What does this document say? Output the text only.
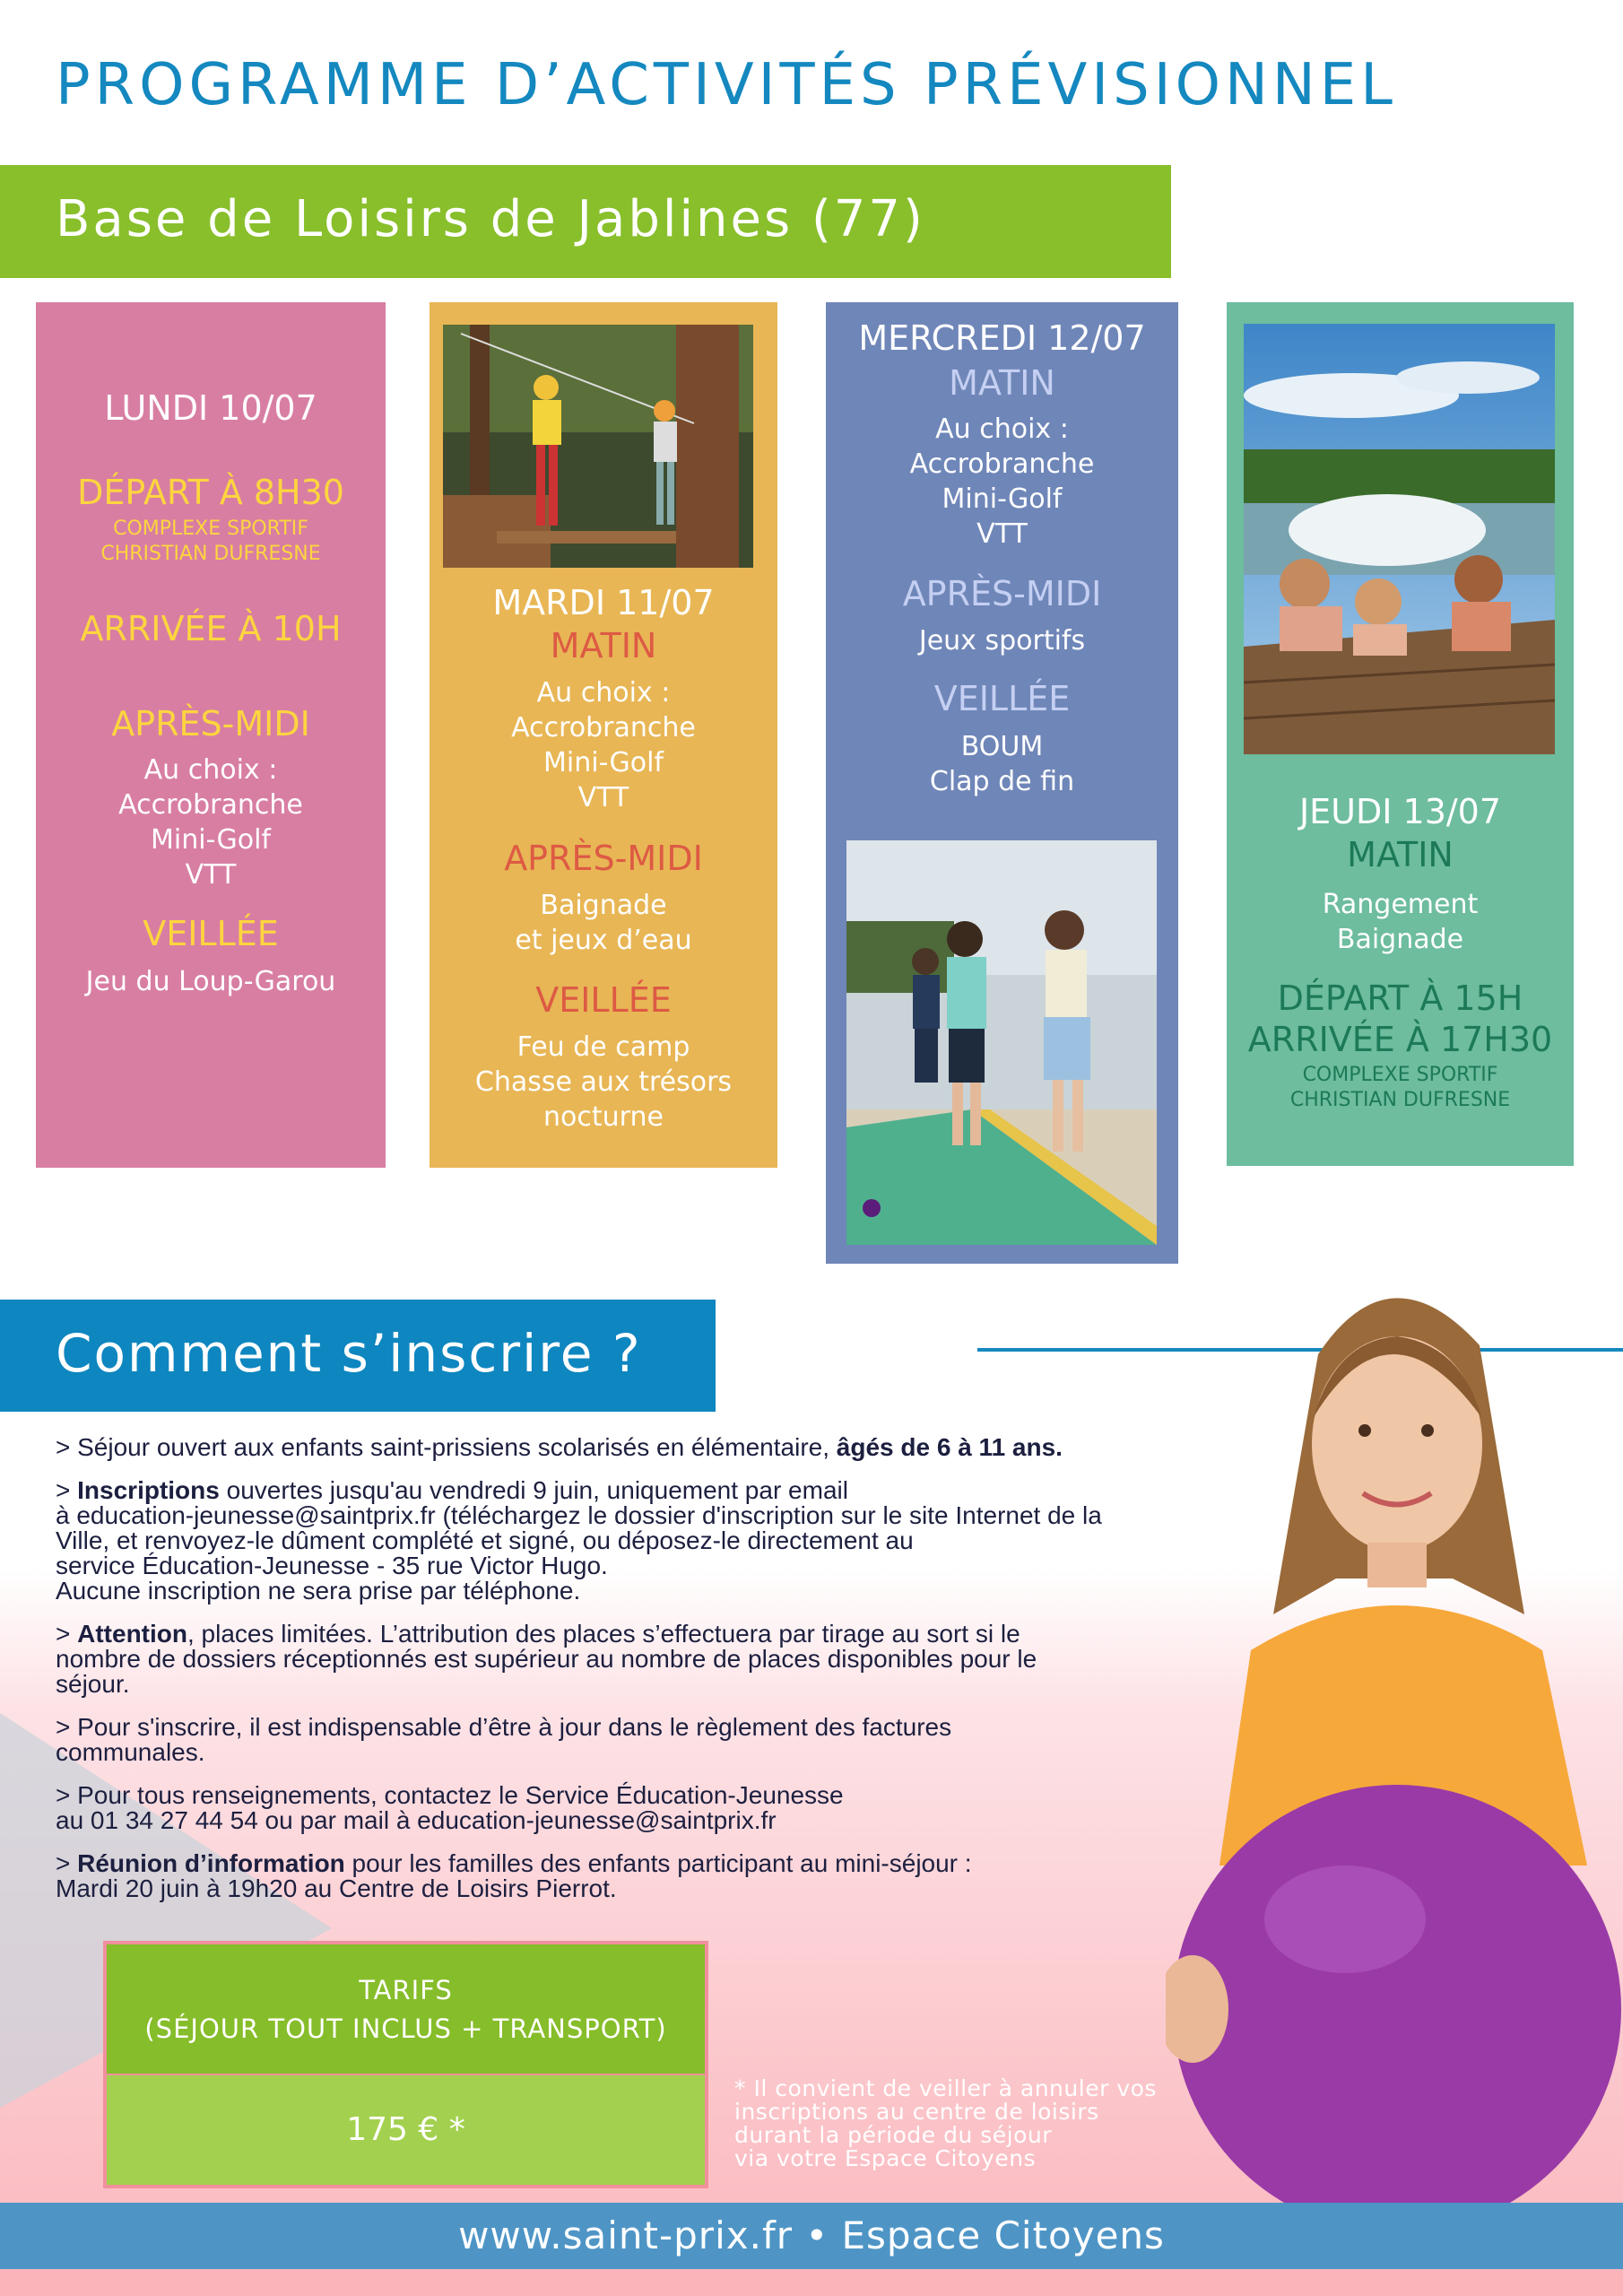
PROGRAMME D’ACTIVITÉS PRÉVISIONNEL
Base de Loisirs de Jablines (77)
LUNDI 10/07
DÉPART À 8H30
COMPLEXE SPORTIF
CHRISTIAN DUFRESNE
ARRIVÉE À 10H
APRÈS-MIDI
Au choix :
Accrobranche
Mini-Golf
VTT
VEILLÉE
Jeu du Loup-Garou
MARDI 11/07
MATIN
Au choix :
Accrobranche
Mini-Golf
VTT
APRÈS-MIDI
Baignade
et jeux d’eau
VEILLÉE
Feu de camp
Chasse aux trésors
nocturne
MERCREDI 12/07
MATIN
Au choix :
Accrobranche
Mini-Golf
VTT
APRÈS-MIDI
Jeux sportifs
VEILLÉE
BOUM
Clap de fin
JEUDI 13/07
MATIN
Rangement
Baignade
DÉPART À 15H
ARRIVÉE À 17H30
COMPLEXE SPORTIF
CHRISTIAN DUFRESNE
Comment s’inscrire ?

> Séjour ouvert aux enfants saint-prissiens scolarisés en élémentaire, âgés de 6 à 11 ans.

> Inscriptions ouvertes jusqu'au vendredi 9 juin, uniquement par email
à education-jeunesse@saintprix.fr (téléchargez le dossier d'inscription sur le site Internet de la
Ville, et renvoyez-le dûment complété et signé, ou déposez-le directement au
service Éducation-Jeunesse - 35 rue Victor Hugo.
Aucune inscription ne sera prise par téléphone.

> Attention, places limitées. L’attribution des places s’effectuera par tirage au sort si le
nombre de dossiers réceptionnés est supérieur au nombre de places disponibles pour le
séjour.

> Pour s'inscrire, il est indispensable d’être à jour dans le règlement des factures
communales.

> Pour tous renseignements, contactez le Service Éducation-Jeunesse
au 01 34 27 44 54 ou par mail à education-jeunesse@saintprix.fr

> Réunion d’information pour les familles des enfants participant au mini-séjour :
Mardi 20 juin à 19h20 au Centre de Loisirs Pierrot.

TARIFS
(SÉJOUR TOUT INCLUS + TRANSPORT)
175 € *
* Il convient de veiller à annuler vos
inscriptions au centre de loisirs
durant la période du séjour
via votre Espace Citoyens
www.saint-prix.fr • Espace Citoyens
